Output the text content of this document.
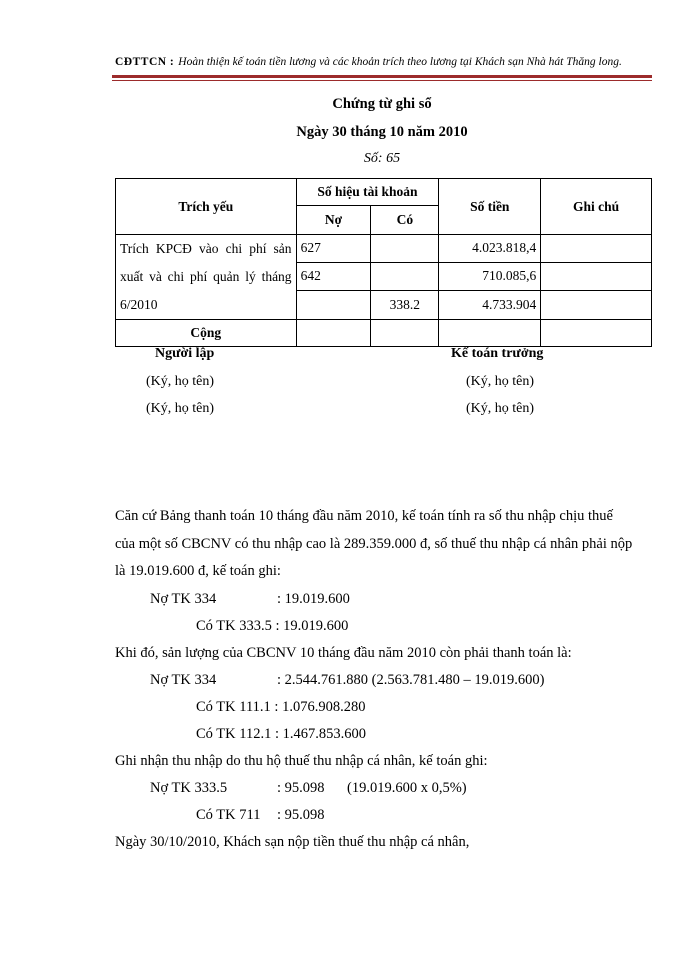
CĐTTCN : Hoàn thiện kế toán tiền lương và các khoản trích theo lương tại Khách sạn Nhà hát Thăng long.
Chứng từ ghi sổ
Ngày 30 tháng 10 năm 2010
Số: 65
Trích yếu	Số hiệu tài khoản		Số tiền	Ghi chú
	Nợ	Có		
Trích KPCĐ vào chi phí sản xuất và chi phí quản lý tháng 6/2010	627		4.023.818,4	
	642		710.085,6	
		338.2	4.733.904	
Cộng				
Người lập
(Ký, họ tên)
(Ký, họ tên)
Kế toán trưởng
(Ký, họ tên)
(Ký, họ tên)
Căn cứ Bảng thanh toán 10 tháng đầu năm 2010, kế toán tính ra số thu nhập chịu thuế
của một số CBCNV có thu nhập cao là 289.359.000 đ, số thuế thu nhập cá nhân phải nộp
là 19.019.600 đ, kế toán ghi:
Nợ TK 334	: 19.019.600
Có TK 333.5 : 19.019.600
Khi đó, sản lượng của CBCNV 10 tháng đầu năm 2010 còn phải thanh toán là:
Nợ TK 334	: 2.544.761.880 (2.563.781.480 – 19.019.600)
Có TK 111.1 : 1.076.908.280
Có TK 112.1 : 1.467.853.600
Ghi nhận thu nhập do thu hộ thuế thu nhập cá nhân, kế toán ghi:
Nợ TK 333.5	: 95.098 (19.019.600 x 0,5%)
Có TK 711 : 95.098
Ngày 30/10/2010, Khách sạn nộp tiền thuế thu nhập cá nhân,
